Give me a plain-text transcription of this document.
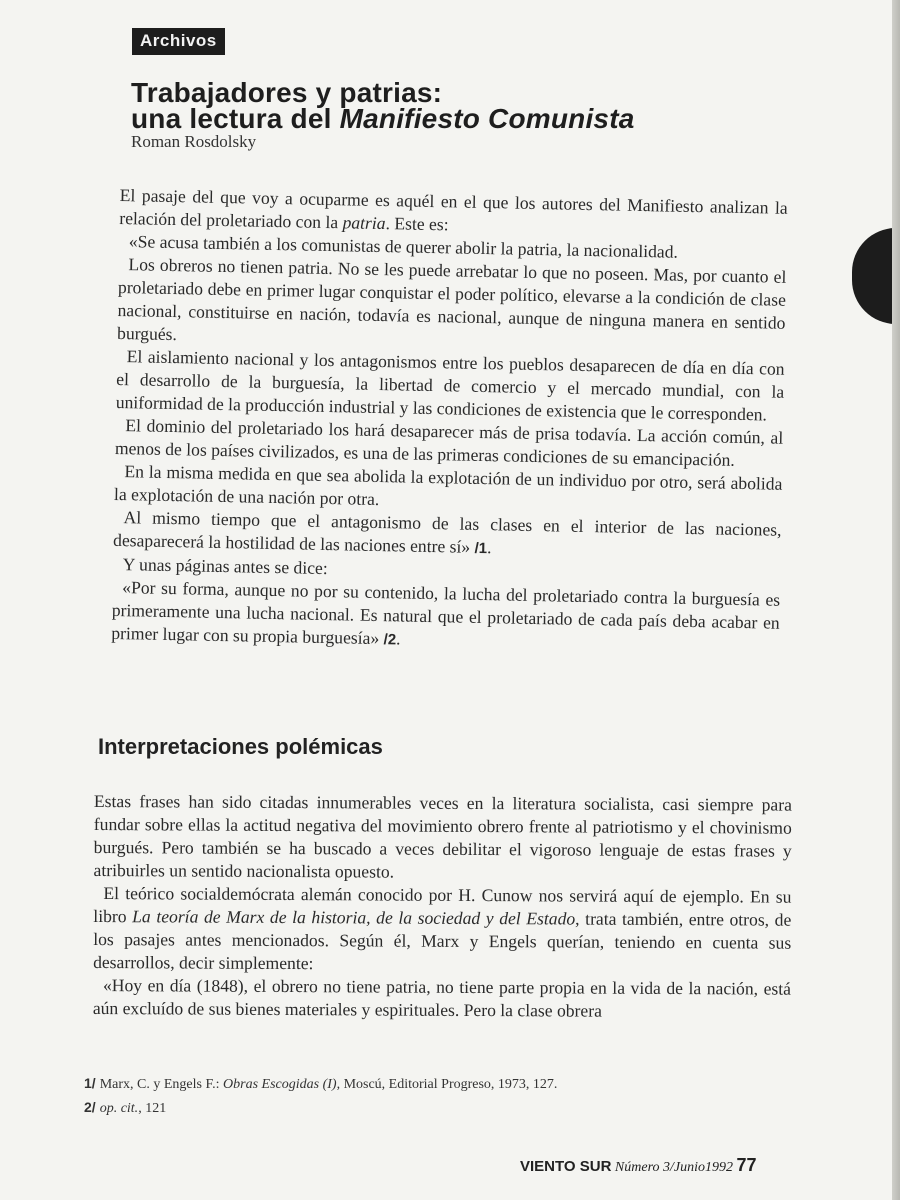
Archivos
Trabajadores y patrias:
una lectura del Manifiesto Comunista
Roman Rosdolsky

El pasaje del que voy a ocuparme es aquél en el que los autores del Manifiesto analizan la relación del proletariado con la patria. Este es:

«Se acusa también a los comunistas de querer abolir la patria, la nacionalidad.

Los obreros no tienen patria. No se les puede arrebatar lo que no poseen. Mas, por cuanto el proletariado debe en primer lugar conquistar el poder político, elevarse a la condición de clase nacional, constituirse en nación, todavía es nacional, aunque de ninguna manera en sentido burgués.

El aislamiento nacional y los antagonismos entre los pueblos desaparecen de día en día con el desarrollo de la burguesía, la libertad de comercio y el mercado mundial, con la uniformidad de la producción industrial y las condiciones de existencia que le corresponden.

El dominio del proletariado los hará desaparecer más de prisa todavía. La acción común, al menos de los países civilizados, es una de las primeras condiciones de su emancipación.

En la misma medida en que sea abolida la explotación de un individuo por otro, será abolida la explotación de una nación por otra.

Al mismo tiempo que el antagonismo de las clases en el interior de las naciones, desaparecerá la hostilidad de las naciones entre sí» /1.

Y unas páginas antes se dice:

«Por su forma, aunque no por su contenido, la lucha del proletariado contra la burguesía es primeramente una lucha nacional. Es natural que el proletariado de cada país deba acabar en primer lugar con su propia burguesía» /2.

Interpretaciones polémicas

Estas frases han sido citadas innumerables veces en la literatura socialista, casi siempre para fundar sobre ellas la actitud negativa del movimiento obrero frente al patriotismo y el chovinismo burgués. Pero también se ha buscado a veces debilitar el vigoroso lenguaje de estas frases y atribuirles un sentido nacionalista opuesto.

El teórico socialdemócrata alemán conocido por H. Cunow nos servirá aquí de ejemplo. En su libro La teoría de Marx de la historia, de la sociedad y del Estado, trata también, entre otros, de los pasajes antes mencionados. Según él, Marx y Engels querían, teniendo en cuenta sus desarrollos, decir simplemente:

«Hoy en día (1848), el obrero no tiene patria, no tiene parte propia en la vida de la nación, está aún excluído de sus bienes materiales y espirituales. Pero la clase obrera

1/ Marx, C. y Engels F.: Obras Escogidas (I), Moscú, Editorial Progreso, 1973, 127.

2/ op. cit., 121

VIENTO SUR Número 3/Junio1992 77
